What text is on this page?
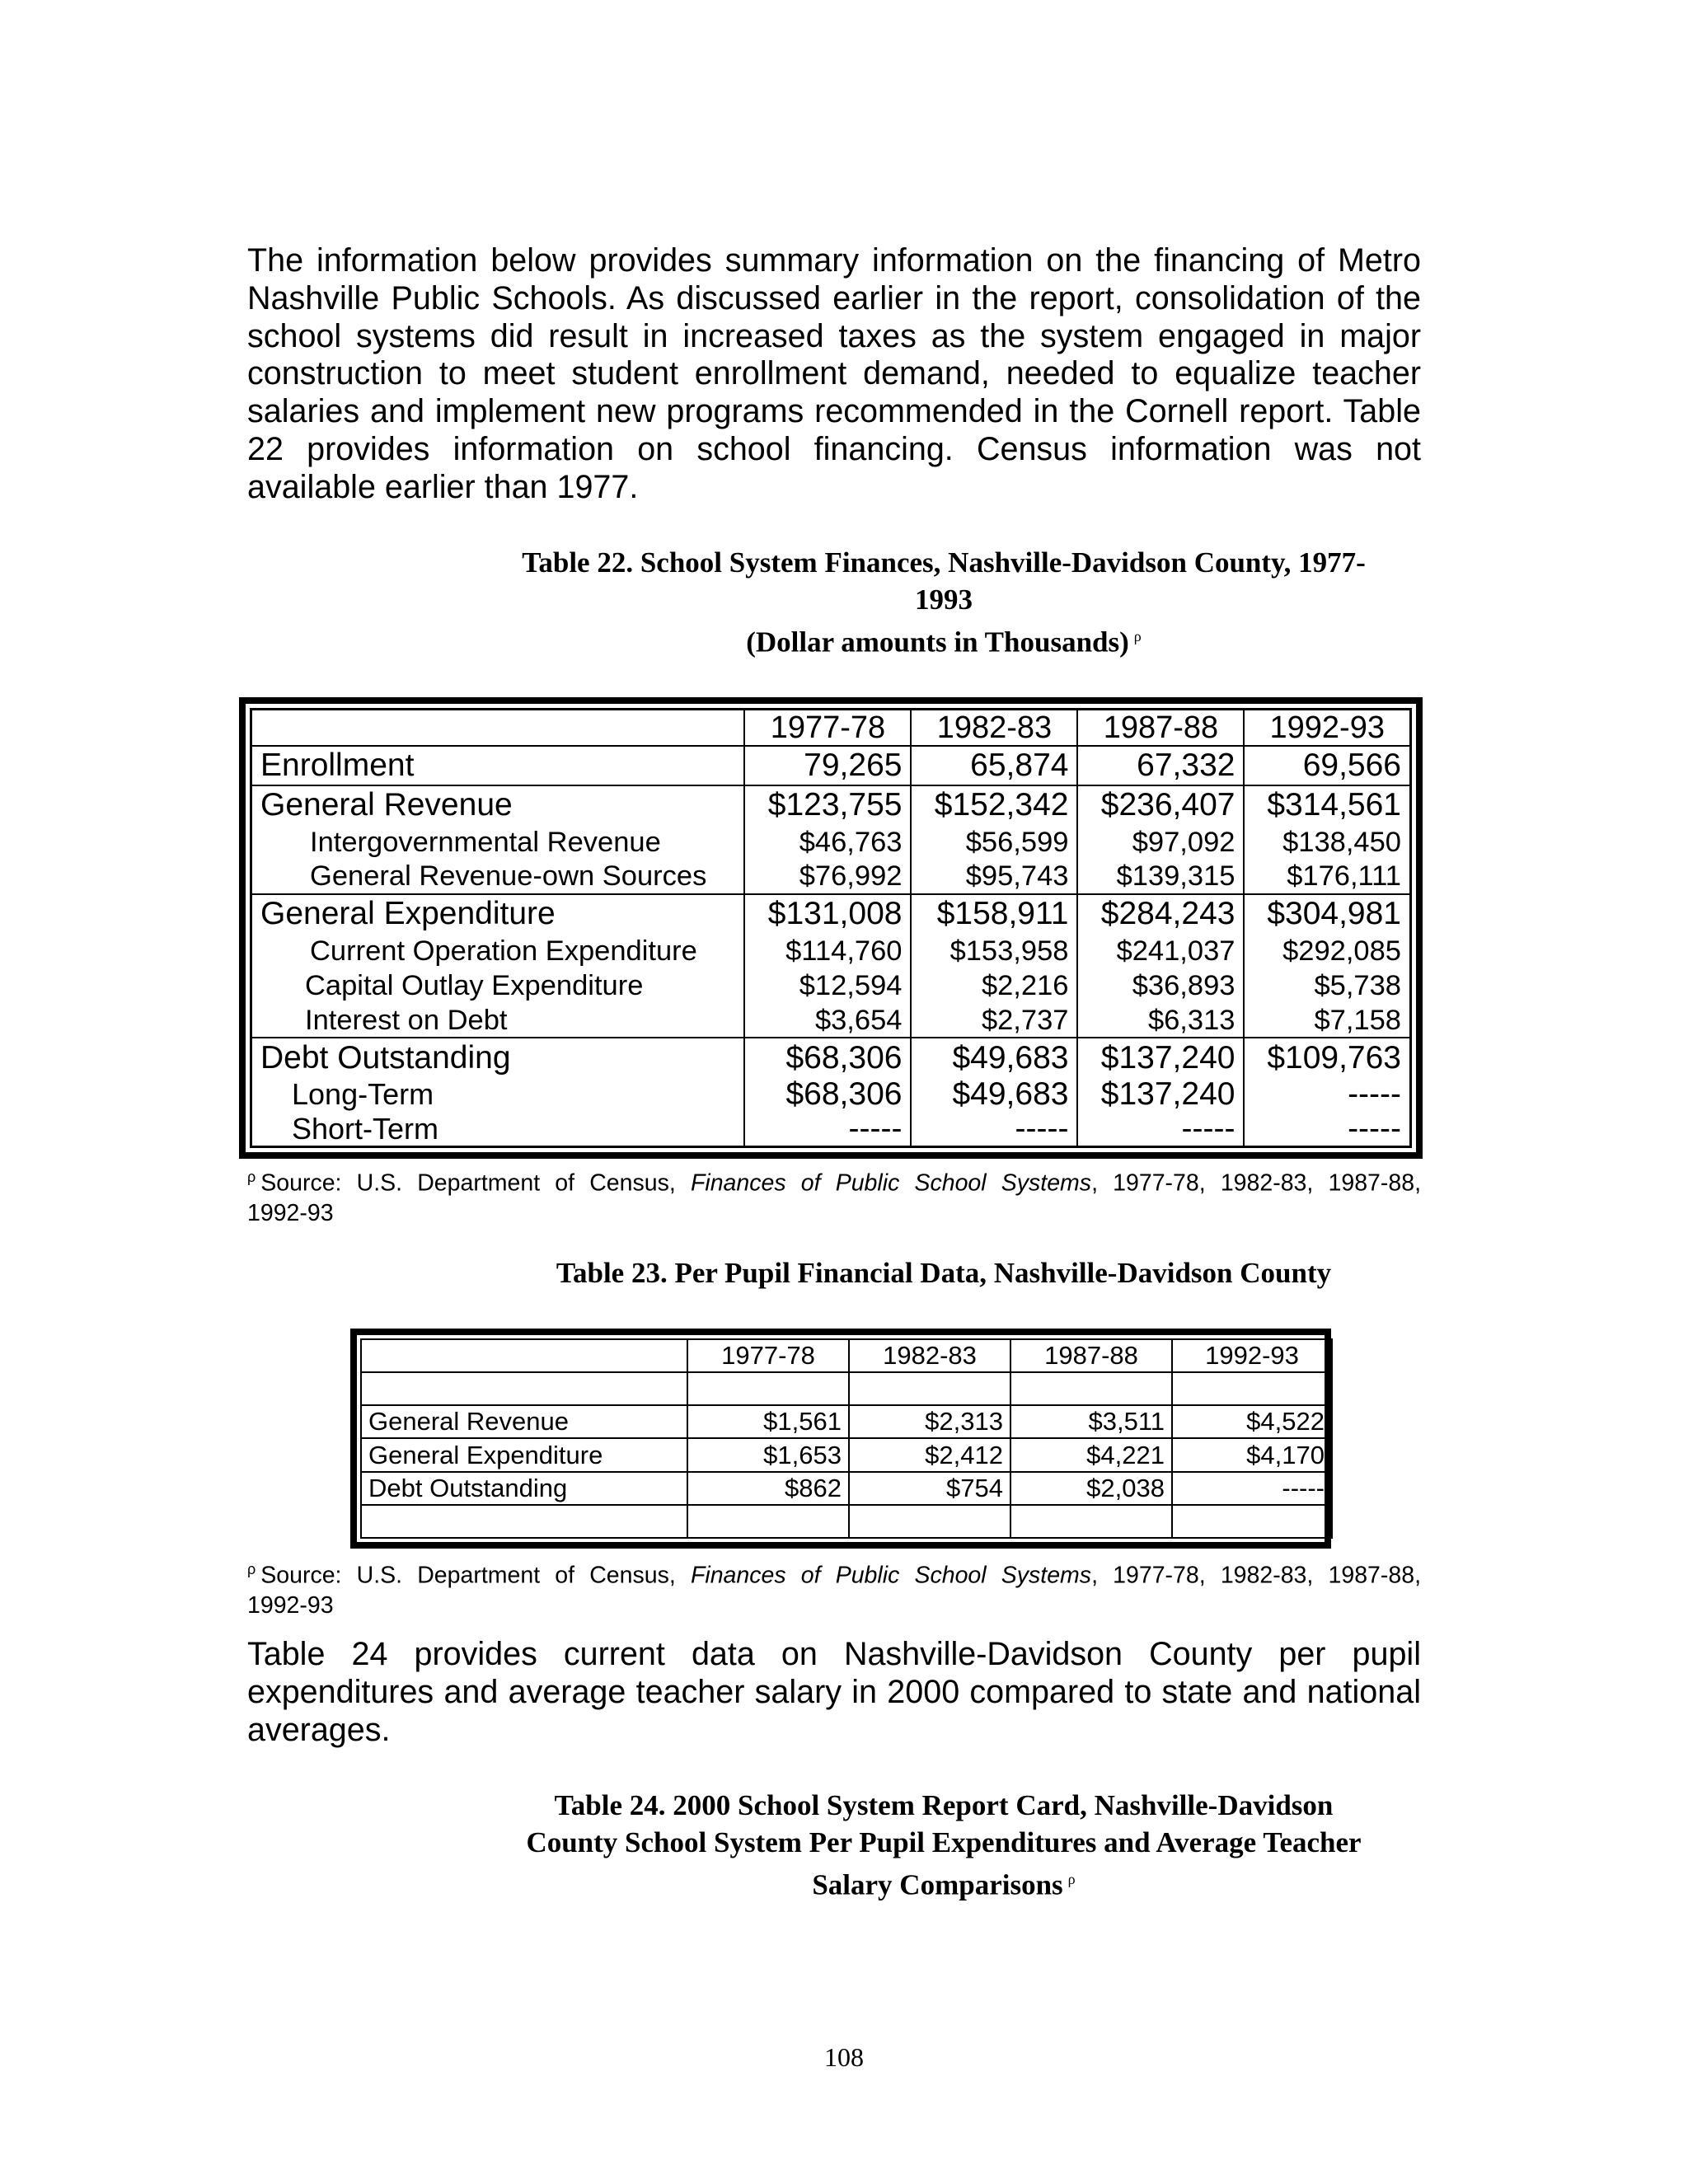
The information below provides summary information on the financing of Metro
Nashville Public Schools. As discussed earlier in the report, consolidation of the
school systems did result in increased taxes as the system engaged in major
construction to meet student enrollment demand, needed to equalize teacher
salaries and implement new programs recommended in the Cornell report. Table
22 provides information on school financing. Census information was not
available earlier than 1977.
Table 22. School System Finances, Nashville-Davidson County, 1977-
1993
(Dollar amounts in Thousands) $^\rho$
	1977-78	1982-83	1987-88	1992-93
Enrollment	79,265	65,874	67,332	69,566
General Revenue	$123,755	$152,342	$236,407	$314,561
Intergovernmental Revenue	$46,763	$56,599	$97,092	$138,450
General Revenue-own Sources	$76,992	$95,743	$139,315	$176,111
General Expenditure	$131,008	$158,911	$284,243	$304,981
Current Operation Expenditure	$114,760	$153,958	$241,037	$292,085
Capital Outlay Expenditure	$12,594	$2,216	$36,893	$5,738
Interest on Debt	$3,654	$2,737	$6,313	$7,158
Debt Outstanding	$68,306	$49,683	$137,240	$109,763
Long-Term	$68,306	$49,683	$137,240	-----
Short-Term	-----	-----	-----	-----
$^\rho$ Source: U.S. Department of Census, Finances of Public School Systems, 1977-78, 1982-83, 1987-88,
1992-93
Table 23. Per Pupil Financial Data, Nashville-Davidson County
	1977-78	1982-83	1987-88	1992-93

General Revenue	$1,561	$2,313	$3,511	$4,522
General Expenditure	$1,653	$2,412	$4,221	$4,170
Debt Outstanding	$862	$754	$2,038	-----

$^\rho$ Source: U.S. Department of Census, Finances of Public School Systems, 1977-78, 1982-83, 1987-88,
1992-93
Table 24 provides current data on Nashville-Davidson County per pupil
expenditures and average teacher salary in 2000 compared to state and national
averages.
Table 24. 2000 School System Report Card, Nashville-Davidson
County School System Per Pupil Expenditures and Average Teacher
Salary Comparisons $^\rho$
108
